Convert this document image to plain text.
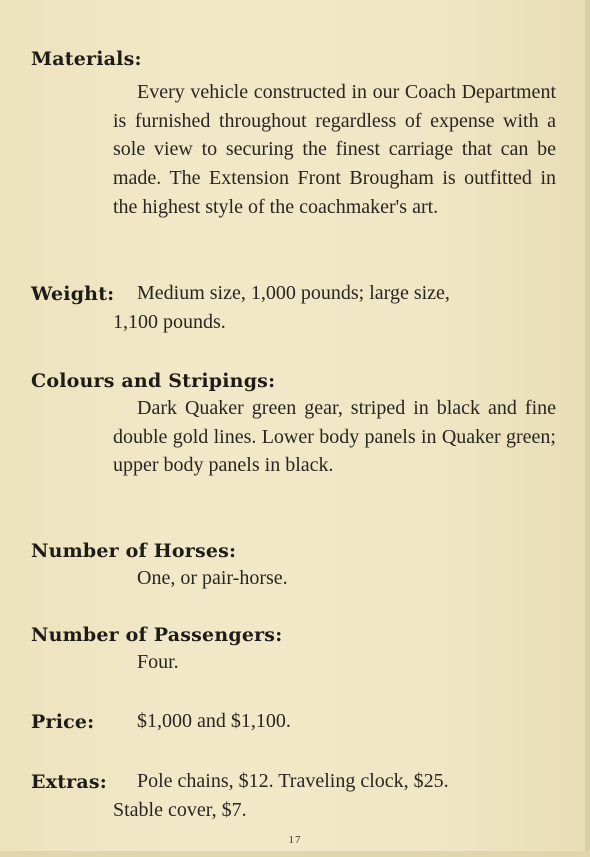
Materials:
Every vehicle constructed in our Coach Department is furnished throughout regardless of expense with a sole view to securing the finest carriage that can be made. The Extension Front Brougham is outfitted in the highest style of the coachmaker's art.
Weight: Medium size, 1,000 pounds; large size,
1,100 pounds.
Colours and Stripings:
Dark Quaker green gear, striped in black and fine double gold lines. Lower body panels in Quaker green; upper body panels in black.
Number of Horses:
One, or pair-horse.
Number of Passengers:
Four.
Price: $1,000 and $1,100.
Extras: Pole chains, $12. Traveling clock, $25.
Stable cover, $7.
17
